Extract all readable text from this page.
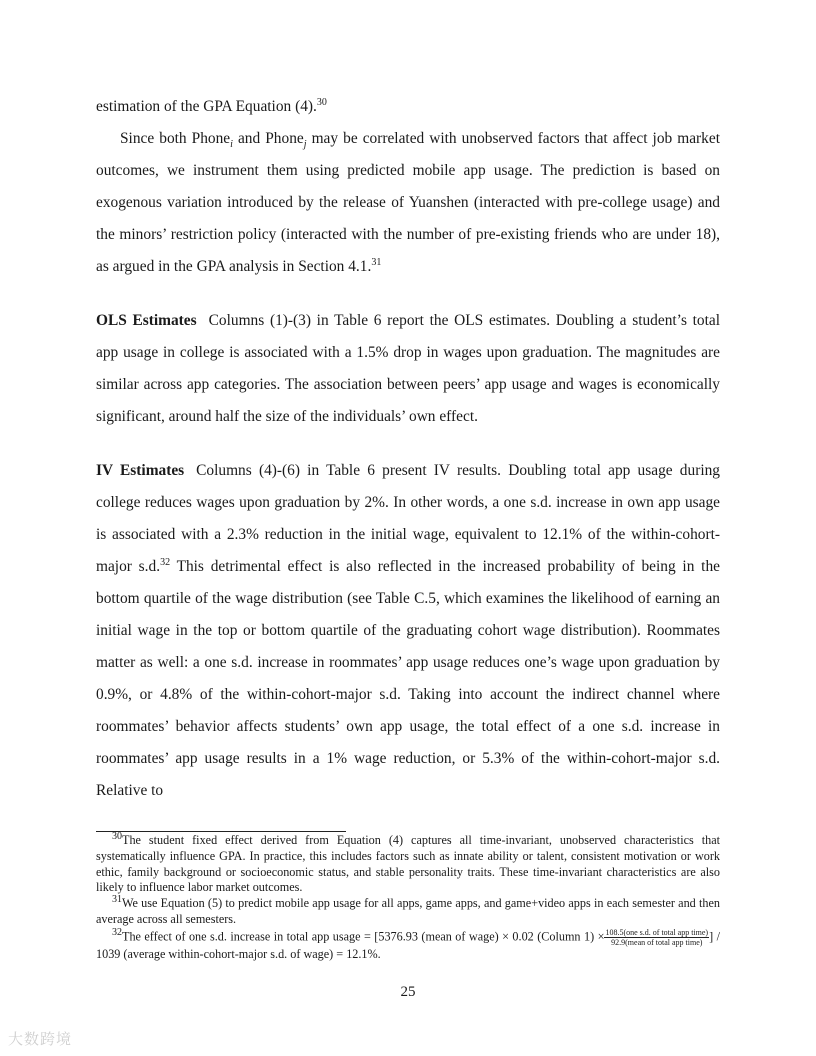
estimation of the GPA Equation (4).$^{30}$

Since both Phone$_i$ and Phone$_j$ may be correlated with unobserved factors that affect job market outcomes, we instrument them using predicted mobile app usage. The prediction is based on exogenous variation introduced by the release of Yuanshen (interacted with pre-college usage) and the minors’ restriction policy (interacted with the number of pre-existing friends who are under 18), as argued in the GPA analysis in Section 4.1.31

OLS Estimates Columns (1)-(3) in Table 6 report the OLS estimates. Doubling a student’s total app usage in college is associated with a 1.5% drop in wages upon graduation. The magnitudes are similar across app categories. The association between peers’ app usage and wages is economically significant, around half the size of the individuals’ own effect.

IV Estimates Columns (4)-(6) in Table 6 present IV results. Doubling total app usage during college reduces wages upon graduation by 2%. In other words, a one s.d. increase in own app usage is associated with a 2.3% reduction in the initial wage, equivalent to 12.1% of the within-cohort-major s.d.$^{32}$ This detrimental effect is also reflected in the increased probability of being in the bottom quartile of the wage distribution (see Table C.5, which examines the likelihood of earning an initial wage in the top or bottom quartile of the graduating cohort wage distribution). Roommates matter as well: a one s.d. increase in roommates’ app usage reduces one’s wage upon graduation by 0.9%, or 4.8% of the within-cohort-major s.d. Taking into account the indirect channel where roommates’ behavior affects students’ own app usage, the total effect of a one s.d. increase in roommates’ app usage results in a 1% wage reduction, or 5.3% of the within-cohort-major s.d. Relative to

$^{30}$The student fixed effect derived from Equation (4) captures all time-invariant, unobserved characteristics that systematically influence GPA. In practice, this includes factors such as innate ability or talent, consistent motivation or work ethic, family background or socioeconomic status, and stable personality traits. These time-invariant characteristics are also likely to influence labor market outcomes.

$^{31}$We use Equation (5) to predict mobile app usage for all apps, game apps, and game+video apps in each semester and then average across all semesters.

$^{32}$The effect of one s.d. increase in total app usage = [5376.93 (mean of wage) × 0.02 (Column $1) \times \frac{\text{108.5(one s.d. of total app time)}}{\text{92.9(mean of total app time)}}$ ] / 1039 (average within-cohort-major s.d. of wage) = 12.1%.

25
大数跨境
